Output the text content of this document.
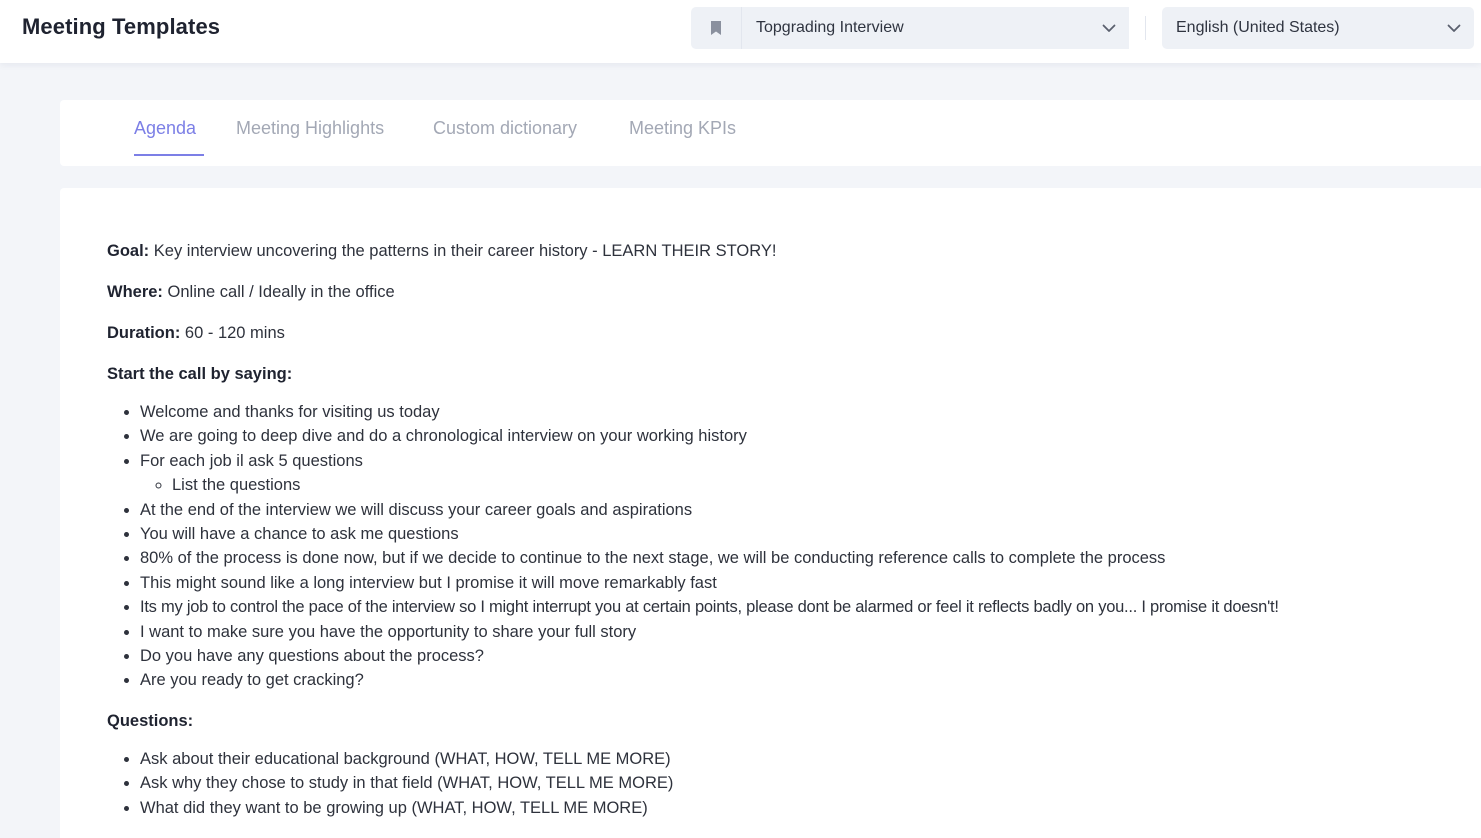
Meeting Templates	Topgrading Interview	English (United States)
Agenda Meeting Highlights	Custom dictionary	Meeting KPIs
Goal: Key interview uncovering the patterns in their career history - LEARN THEIR STORY!
Where: Online call / Ideally in the office
Duration: 60 - 120 mins
Start the call by saying:
• Welcome and thanks for visiting us today
• We are going to deep dive and do a chronological interview on your working history
• For each job il ask 5 questions
◦ List the questions
• At the end of the interview we will discuss your career goals and aspirations
• You will have a chance to ask me questions
• 80% of the process is done now, but if we decide to continue to the next stage, we will be conducting reference calls to complete the process
• This might sound like a long interview but I promise it will move remarkably fast
• Its my job to control the pace of the interview so I might interrupt you at certain points, please dont be alarmed or feel it reflects badly on you... I promise it doesn't!
• I want to make sure you have the opportunity to share your full story
• Do you have any questions about the process?
• Are you ready to get cracking?
Questions:
• Ask about their educational background (WHAT, HOW, TELL ME MORE)
• Ask why they chose to study in that field (WHAT, HOW, TELL ME MORE)
• What did they want to be growing up (WHAT, HOW, TELL ME MORE)
